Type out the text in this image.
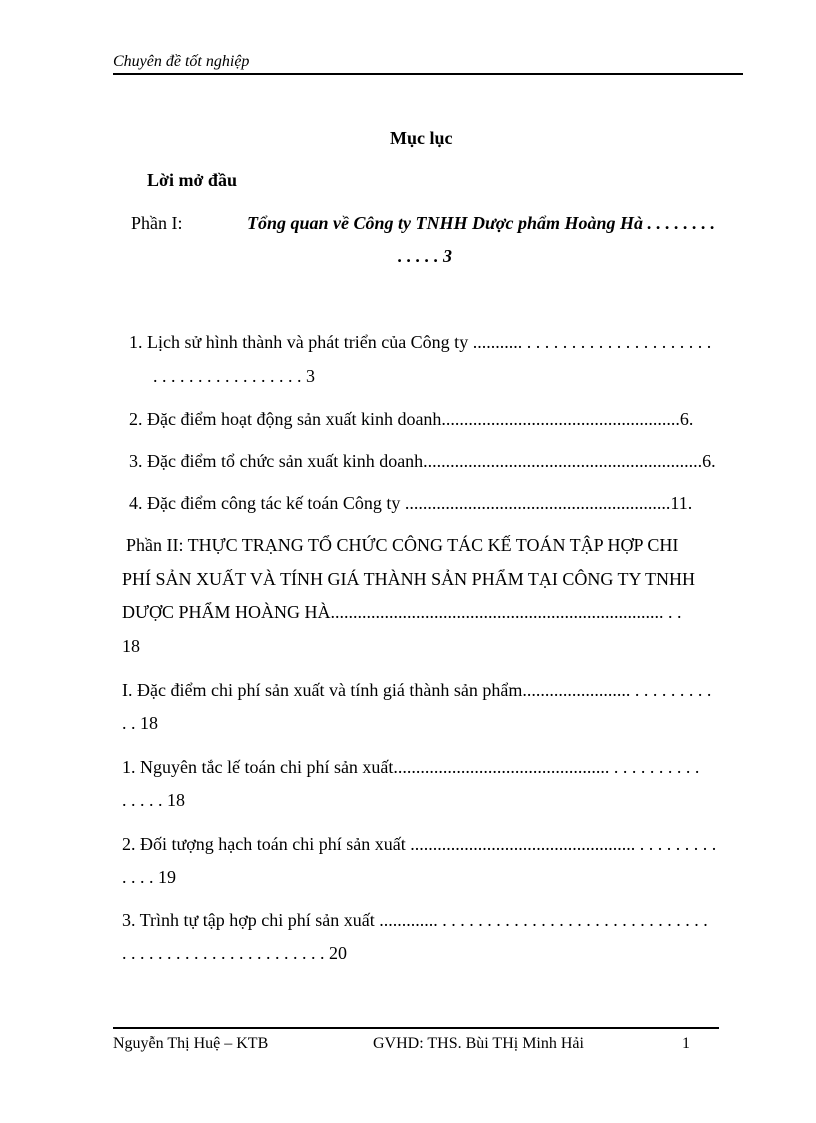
Chuyên đề tốt nghiệp
Mục lục
Lời mở đầu
Phần I:	Tổng quan về Công ty TNHH Dược phẩm Hoàng Hà . . . . . . . .
. . . . . 3
1. Lịch sử hình thành và phát triển của Công ty ........... . . . . . . . . . . . . . . . . . . . . .
. . . . . . . . . . . . . . . . . 3
2. Đặc điểm hoạt động sản xuất kinh doanh.....................................................6.
3. Đặc điểm tổ chức sản xuất kinh doanh..............................................................6.
4. Đặc điểm công tác kế toán Công ty ...........................................................11.
Phần II: THỰC TRẠNG TỔ CHỨC CÔNG TÁC KẾ TOÁN TẬP HỢP CHI
PHÍ SẢN XUẤT VÀ TÍNH GIÁ THÀNH SẢN PHẨM TẠI CÔNG TY TNHH
DƯỢC PHẨM HOÀNG HÀ.......................................................................... . .
18
I. Đặc điểm chi phí sản xuất và tính giá thành sản phẩm........................ . . . . . . . . .
. . 18
1. Nguyên tắc lế toán chi phí sản xuất................................................ . . . . . . . . . .
. . . . . 18
2. Đối tượng hạch toán chi phí sản xuất .................................................. . . . . . . . . .
. . . . 19
3. Trình tự tập hợp chi phí sản xuất ............. . . . . . . . . . . . . . . . . . . . . . . . . . . . . . .
. . . . . . . . . . . . . . . . . . . . . . . 20
Nguyễn Thị Huệ – KTB	GVHD: THS. Bùi THị Minh Hải	1
